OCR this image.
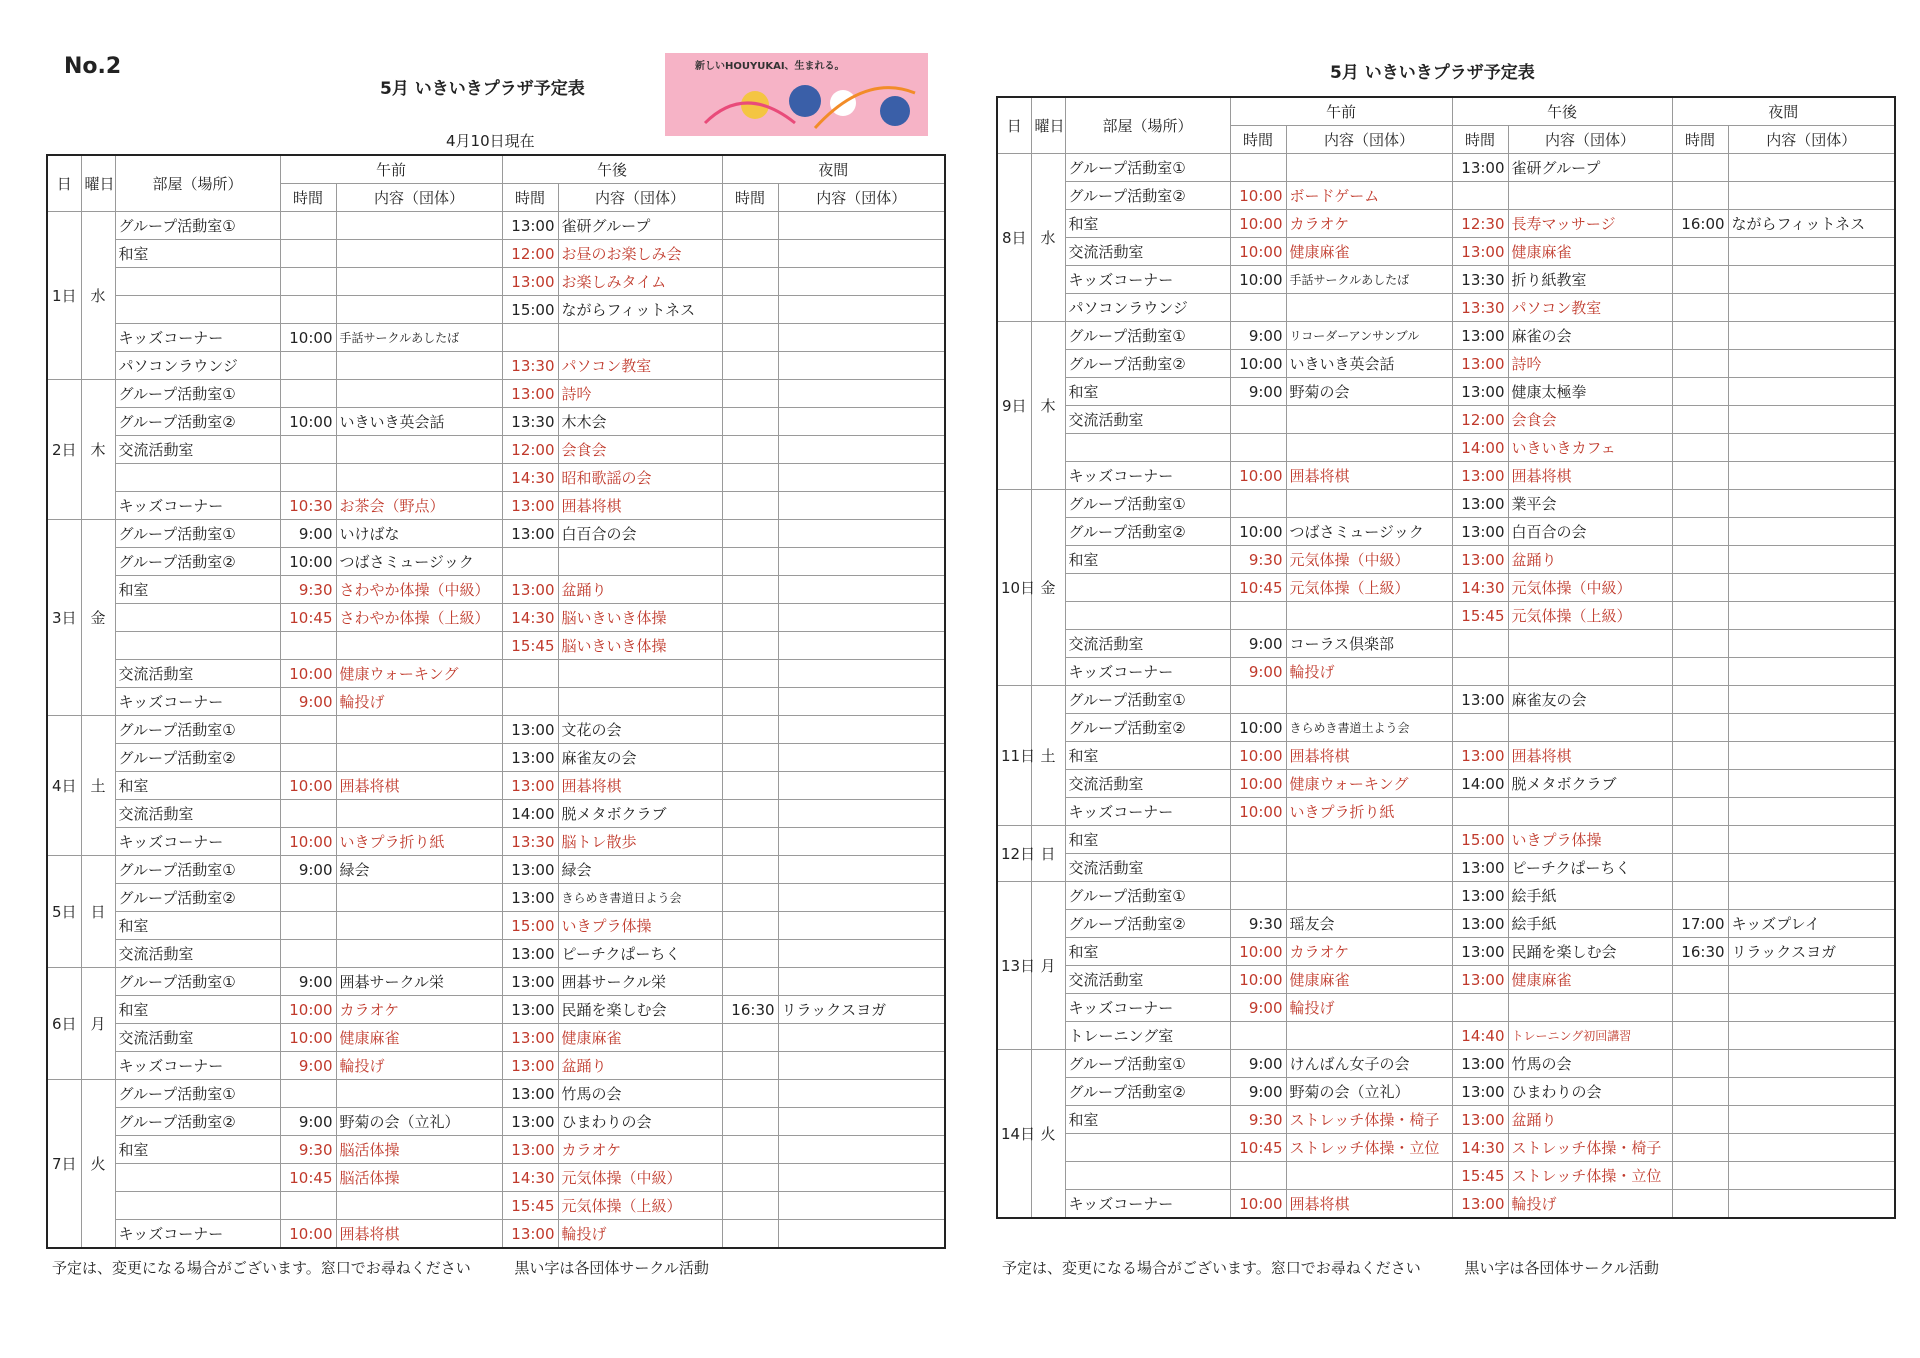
No.2
5月 いきいきプラザ予定表
4月10日現在
新しいHOUYUKAI、生まれる。	5月 いきいきプラザ予定表
日	曜日	部屋（場所）	午前		午後		夜間	
			時間	内容（団体）	時間	内容（団体）	時間	内容（団体）
1日	水	グループ活動室①			13:00	雀研グループ		
		和室			12:00	お昼のお楽しみ会		
					13:00	お楽しみタイム		
					15:00	ながらフィットネス		
		キッズコーナー	10:00	手話サークルあしたば				
		パソコンラウンジ			13:30	パソコン教室		
2日	木	グループ活動室①			13:00	詩吟		
		グループ活動室②	10:00	いきいき英会話	13:30	木木会		
		交流活動室			12:00	会食会		
					14:30	昭和歌謡の会		
		キッズコーナー	10:30	お茶会（野点）	13:00	囲碁将棋		
3日	金	グループ活動室①	9:00	いけばな	13:00	白百合の会		
		グループ活動室②	10:00	つばさミュージック				
		和室	9:30	さわやか体操（中級）	13:00	盆踊り		
			10:45	さわやか体操（上級）	14:30	脳いきいき体操		
					15:45	脳いきいき体操		
		交流活動室	10:00	健康ウォーキング				
		キッズコーナー	9:00	輪投げ				
4日	土	グループ活動室①			13:00	文花の会		
		グループ活動室②			13:00	麻雀友の会		
		和室	10:00	囲碁将棋	13:00	囲碁将棋		
		交流活動室			14:00	脱メタボクラブ		
		キッズコーナー	10:00	いきプラ折り紙	13:30	脳トレ散歩		
5日	日	グループ活動室①	9:00	緑会	13:00	緑会		
		グループ活動室②			13:00	きらめき書道日よう会		
		和室			15:00	いきプラ体操		
		交流活動室			13:00	ピーチクぱーちく		
6日	月	グループ活動室①	9:00	囲碁サークル栄	13:00	囲碁サークル栄		
		和室	10:00	カラオケ	13:00	民踊を楽しむ会	16:30	リラックスヨガ
		交流活動室	10:00	健康麻雀	13:00	健康麻雀		
		キッズコーナー	9:00	輪投げ	13:00	盆踊り		
7日	火	グループ活動室①			13:00	竹馬の会		
		グループ活動室②	9:00	野菊の会（立礼）	13:00	ひまわりの会		
		和室	9:30	脳活体操	13:00	カラオケ		
			10:45	脳活体操	14:30	元気体操（中級）		
					15:45	元気体操（上級）		
		キッズコーナー	10:00	囲碁将棋	13:00	輪投げ		
日	曜日	部屋（場所）	午前		午後		夜間	
			時間	内容（団体）	時間	内容（団体）	時間	内容（団体）
8日	水	グループ活動室①			13:00	雀研グループ		
		グループ活動室②	10:00	ボードゲーム				
		和室	10:00	カラオケ	12:30	長寿マッサージ	16:00	ながらフィットネス
		交流活動室	10:00	健康麻雀	13:00	健康麻雀		
		キッズコーナー	10:00	手話サークルあしたば	13:30	折り紙教室		
		パソコンラウンジ			13:30	パソコン教室		
9日	木	グループ活動室①	9:00	リコーダーアンサンブル	13:00	麻雀の会		
		グループ活動室②	10:00	いきいき英会話	13:00	詩吟		
		和室	9:00	野菊の会	13:00	健康太極拳		
		交流活動室			12:00	会食会		
					14:00	いきいきカフェ		
		キッズコーナー	10:00	囲碁将棋	13:00	囲碁将棋		
10日	金	グループ活動室①			13:00	業平会		
		グループ活動室②	10:00	つばさミュージック	13:00	白百合の会		
		和室	9:30	元気体操（中級）	13:00	盆踊り		
			10:45	元気体操（上級）	14:30	元気体操（中級）		
					15:45	元気体操（上級）		
		交流活動室	9:00	コーラス倶楽部				
		キッズコーナー	9:00	輪投げ				
11日	土	グループ活動室①			13:00	麻雀友の会		
		グループ活動室②	10:00	きらめき書道土よう会				
		和室	10:00	囲碁将棋	13:00	囲碁将棋		
		交流活動室	10:00	健康ウォーキング	14:00	脱メタボクラブ		
		キッズコーナー	10:00	いきプラ折り紙				
12日	日	和室			15:00	いきプラ体操		
		交流活動室			13:00	ピーチクぱーちく		
13日	月	グループ活動室①			13:00	絵手紙		
		グループ活動室②	9:30	瑶友会	13:00	絵手紙	17:00	キッズプレイ
		和室	10:00	カラオケ	13:00	民踊を楽しむ会	16:30	リラックスヨガ
		交流活動室	10:00	健康麻雀	13:00	健康麻雀		
		キッズコーナー	9:00	輪投げ				
		トレーニング室			14:40	トレーニング初回講習		
14日	火	グループ活動室①	9:00	けんばん女子の会	13:00	竹馬の会		
		グループ活動室②	9:00	野菊の会（立礼）	13:00	ひまわりの会		
		和室	9:30	ストレッチ体操・椅子	13:00	盆踊り		
			10:45	ストレッチ体操・立位	14:30	ストレッチ体操・椅子		
					15:45	ストレッチ体操・立位		
		キッズコーナー	10:00	囲碁将棋	13:00	輪投げ		
予定は、変更になる場合がございます。窓口でお尋ねください	黒い字は各団体サークル活動	予定は、変更になる場合がございます。窓口でお尋ねください	黒い字は各団体サークル活動
